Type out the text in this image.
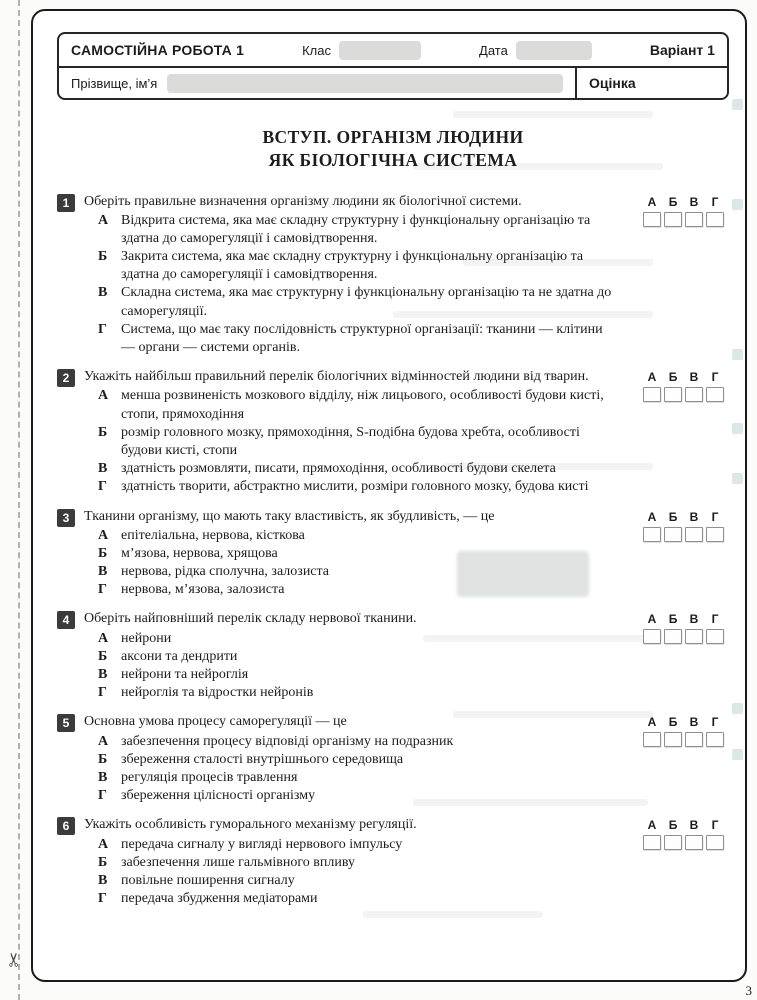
✂
САМОСТІЙНА РОБОТА 1	Клас	Дата	Варіант 1
Прізвище, ім’я	Оцінка
ВСТУП. ОРГАНІЗМ ЛЮДИНИ
ЯК БІОЛОГІЧНА СИСТЕМА
1	Оберіть правильне визначення організму людини як біологічної системи.
А Відкрита система, яка має складну структурну і функціональну організацію та здатна до саморегуляції і самовідтворення.
Б Закрита система, яка має складну структурну і функціональну організацію та здатна до саморегуляції і самовідтворення.
В Складна система, яка має структурну і функціональну організацію та не здатна до саморегуляції.
Г	Система, що має таку послідовність структурної організації: тканини — клітини — органи — системи органів.
А	Б	В	Г
2	Укажіть найбільш правильний перелік біологічних відмінностей людини від тварин.
А менша розвиненість мозкового відділу, ніж лицьового, особливості будови кисті, стопи, прямоходіння
Б розмір головного мозку, прямоходіння, S-подібна будова хребта, особливості будови кисті, стопи
В здатність розмовляти, писати, прямоходіння, особливості будови скелета
Г	здатність творити, абстрактно мислити, розміри головного мозку, будова кисті
А	Б	В	Г
3	Тканини організму, що мають таку властивість, як збудливість, — це
А епітеліальна, нервова, кісткова
Б м’язова, нервова, хрящова
В нервова, рідка сполучна, залозиста
Г	нервова, м’язова, залозиста
А	Б	В	Г
4	Оберіть найповніший перелік складу нервової тканини.
А нейрони
Б аксони та дендрити
В нейрони та нейроглія
Г	нейроглія та відростки нейронів
А	Б	В	Г
5	Основна умова процесу саморегуляції — це
А забезпечення процесу відповіді організму на подразник
Б збереження сталості внутрішнього середовища
В регуляція процесів травлення
Г	збереження цілісності організму
А	Б	В	Г
6	Укажіть особливість гуморального механізму регуляції.
А передача сигналу у вигляді нервового імпульсу
Б забезпечення лише гальмівного впливу
В повільне поширення сигналу
Г	передача збудження медіаторами
А	Б	В	Г
3
